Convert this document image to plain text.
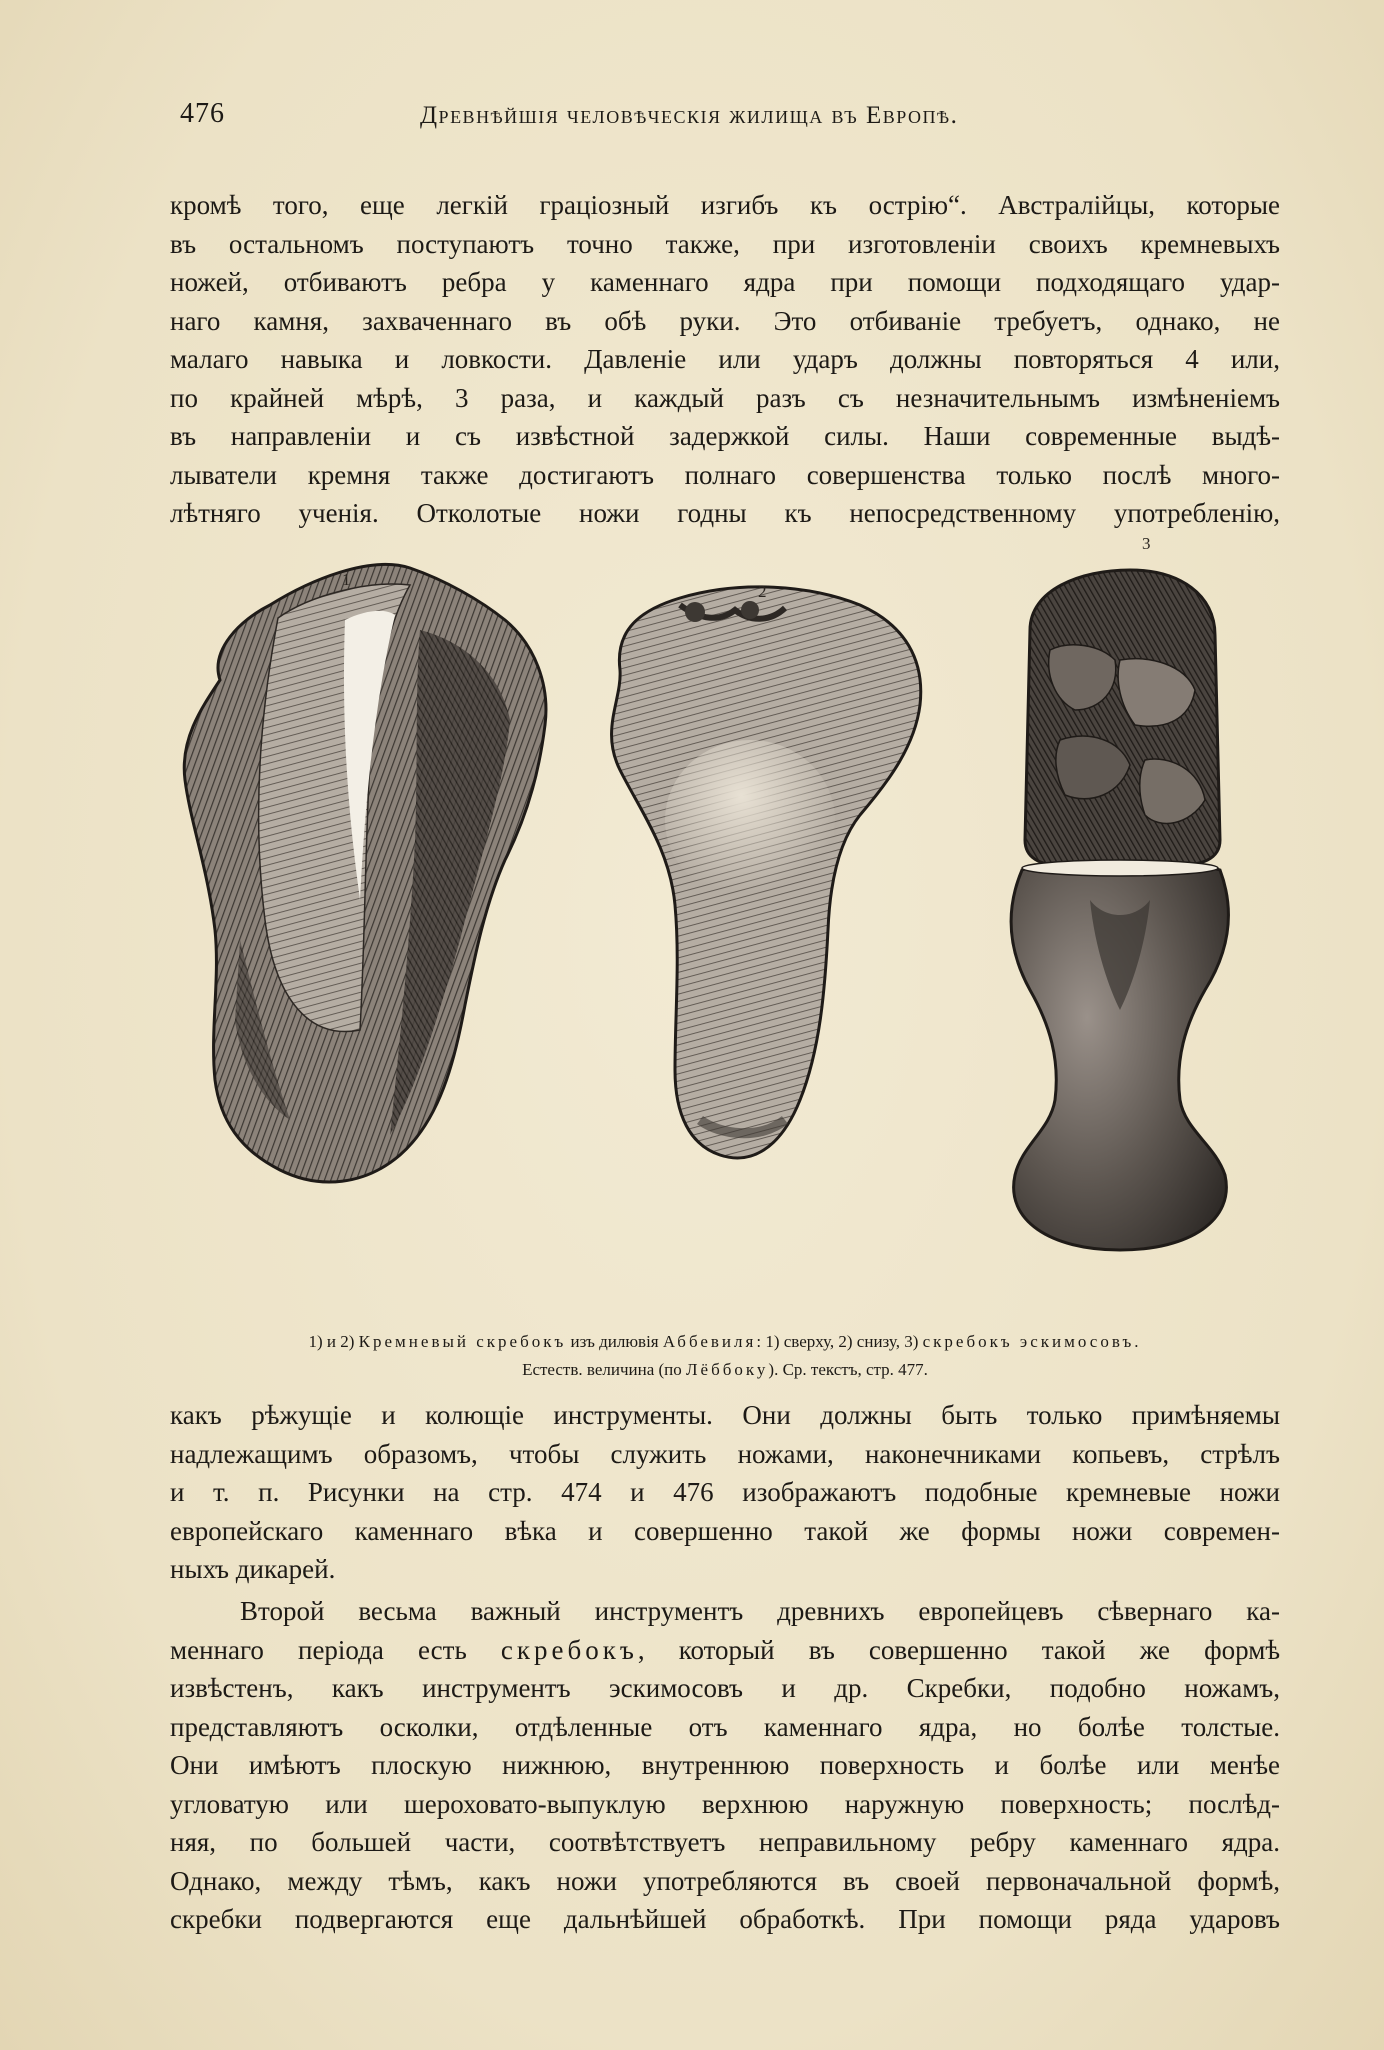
476	Древнѣйшія человѣческія жилища въ Европѣ.

кромѣ того, еще легкій граціозный изгибъ къ острію“. Австралійцы, которые
въ остальномъ поступаютъ точно также, при изготовленіи своихъ кремневыхъ
ножей, отбиваютъ ребра у каменнаго ядра при помощи подходящаго удар-
наго камня, захваченнаго въ обѣ руки. Это отбиваніе требуетъ, однако, не
малаго навыка и ловкости. Давленіе или ударъ должны повторяться 4 или,
по крайней мѣрѣ, 3 раза, и каждый разъ съ незначительнымъ измѣненіемъ
въ направленіи и съ извѣстной задержкой силы. Наши современные выдѣ-
лыватели кремня также достигаютъ полнаго совершенства только послѣ много-
лѣтняго ученія. Отколотые ножи годны къ непосредственному употребленію,

1
2
3
1) и 2) Кремневый скребокъ изъ дилювія Аббевиля: 1) сверху, 2) снизу, 3) скребокъ эскимосовъ.
Естеств. величина (по Лёббоку). Ср. текстъ, стр. 477.

какъ рѣжущіе и колющіе инструменты. Они должны быть только примѣняемы
надлежащимъ образомъ, чтобы служить ножами, наконечниками копьевъ, стрѣлъ
и т. п. Рисунки на стр. 474 и 476 изображаютъ подобные кремневые ножи
европейскаго каменнаго вѣка и совершенно такой же формы ножи современ-
ныхъ дикарей.

Второй весьма важный инструментъ древнихъ европейцевъ сѣвернаго ка-
меннаго періода есть скребокъ, который въ совершенно такой же формѣ
извѣстенъ, какъ инструментъ эскимосовъ и др. Скребки, подобно ножамъ,
представляютъ осколки, отдѣленные отъ каменнаго ядра, но болѣе толстые.
Они имѣютъ плоскую нижнюю, внутреннюю поверхность и болѣе или менѣе
угловатую или шероховато-выпуклую верхнюю наружную поверхность; послѣд-
няя, по большей части, соотвѣтствуетъ неправильному ребру каменнаго ядра.
Однако, между тѣмъ, какъ ножи употребляются въ своей первоначальной формѣ,
скребки подвергаются еще дальнѣйшей обработкѣ. При помощи ряда ударовъ
